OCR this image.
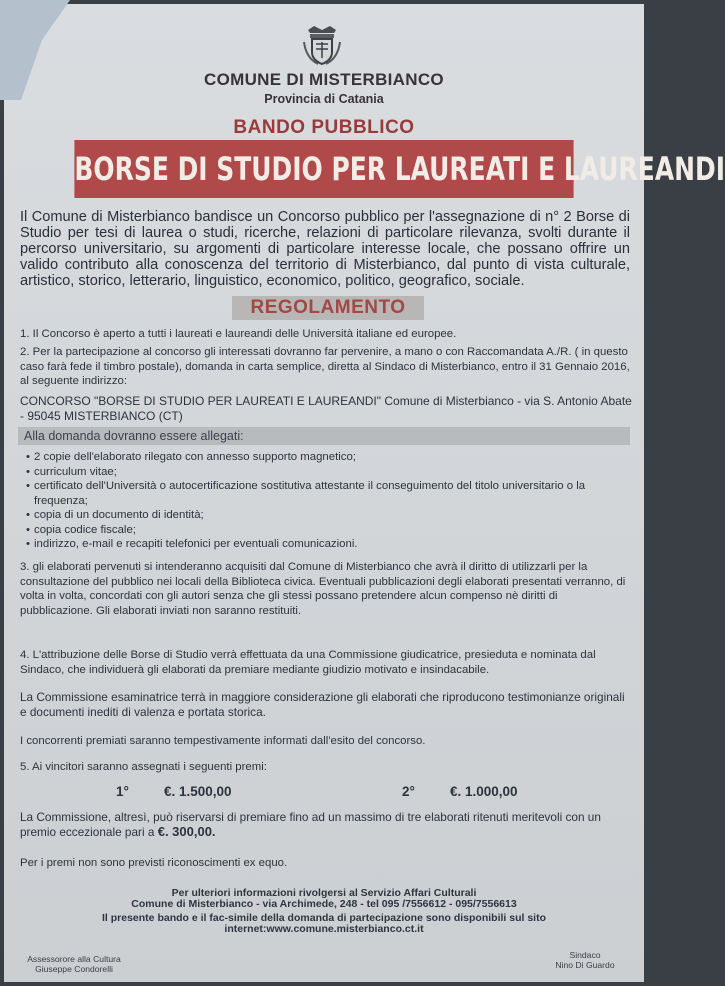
COMUNE DI MISTERBIANCO
Provincia di Catania
BANDO PUBBLICO
BORSE DI STUDIO PER LAUREATI E LAUREANDI
Il Comune di Misterbianco bandisce un Concorso pubblico per l'assegnazione di n° 2 Borse di Studio per tesi di laurea o studi, ricerche, relazioni di particolare rilevanza, svolti durante il percorso universitario, su argomenti di particolare interesse locale, che possano offrire un valido contributo alla conoscenza del territorio di Misterbianco, dal punto di vista culturale, artistico, storico, letterario, linguistico, economico, politico, geografico, sociale.
REGOLAMENTO
1. Il Concorso è aperto a tutti i laureati e laureandi delle Università italiane ed europee.
2. Per la partecipazione al concorso gli interessati dovranno far pervenire, a mano o con Raccomandata A./R. ( in questo caso farà fede il timbro postale), domanda in carta semplice, diretta al Sindaco di Misterbianco, entro il 31 Gennaio 2016, al seguente indirizzo:
CONCORSO "BORSE DI STUDIO PER LAUREATI E LAUREANDI" Comune di Misterbianco - via S. Antonio Abate - 95045 MISTERBIANCO (CT)
Alla domanda dovranno essere allegati:
• 2 copie dell'elaborato rilegato con annesso supporto magnetico;
• curriculum vitae;
• certificato dell'Università o autocertificazione sostitutiva attestante il conseguimento del titolo universitario o la frequenza;
• copia di un documento di identità;
• copia codice fiscale;
• indirizzo, e-mail e recapiti telefonici per eventuali comunicazioni.
3. gli elaborati pervenuti si intenderanno acquisiti dal Comune di Misterbianco che avrà il diritto di utilizzarli per la consultazione del pubblico nei locali della Biblioteca civica. Eventuali pubblicazioni degli elaborati presentati verranno, di volta in volta, concordati con gli autori senza che gli stessi possano pretendere alcun compenso nè diritti di pubblicazione. Gli elaborati inviati non saranno restituiti.
4. L'attribuzione delle Borse di Studio verrà effettuata da una Commissione giudicatrice, presieduta e nominata dal Sindaco, che individuerà gli elaborati da premiare mediante giudizio motivato e insindacabile.
La Commissione esaminatrice terrà in maggiore considerazione gli elaborati che riproducono testimonianze originali e documenti inediti di valenza e portata storica.
I concorrenti premiati saranno tempestivamente informati dall'esito del concorso.
5. Ai vincitori saranno assegnati i seguenti premi:
1°	€. 1.500,00	2°	€. 1.000,00
La Commissione, altresì, può riservarsi di premiare fino ad un massimo di tre elaborati ritenuti meritevoli con un premio eccezionale pari a €. 300,00.
Per i premi non sono previsti riconoscimenti ex equo.
Per ulteriori informazioni rivolgersi al Servizio Affari Culturali
Comune di Misterbianco - via Archimede, 248 - tel 095 /7556612 - 095/7556613
Il presente bando e il fac-simile della domanda di partecipazione sono disponibili sul sito
internet:www.comune.misterbianco.ct.it
Assessorore alla Cultura
Giuseppe Condorelli
Sindaco
Nino Di Guardo
